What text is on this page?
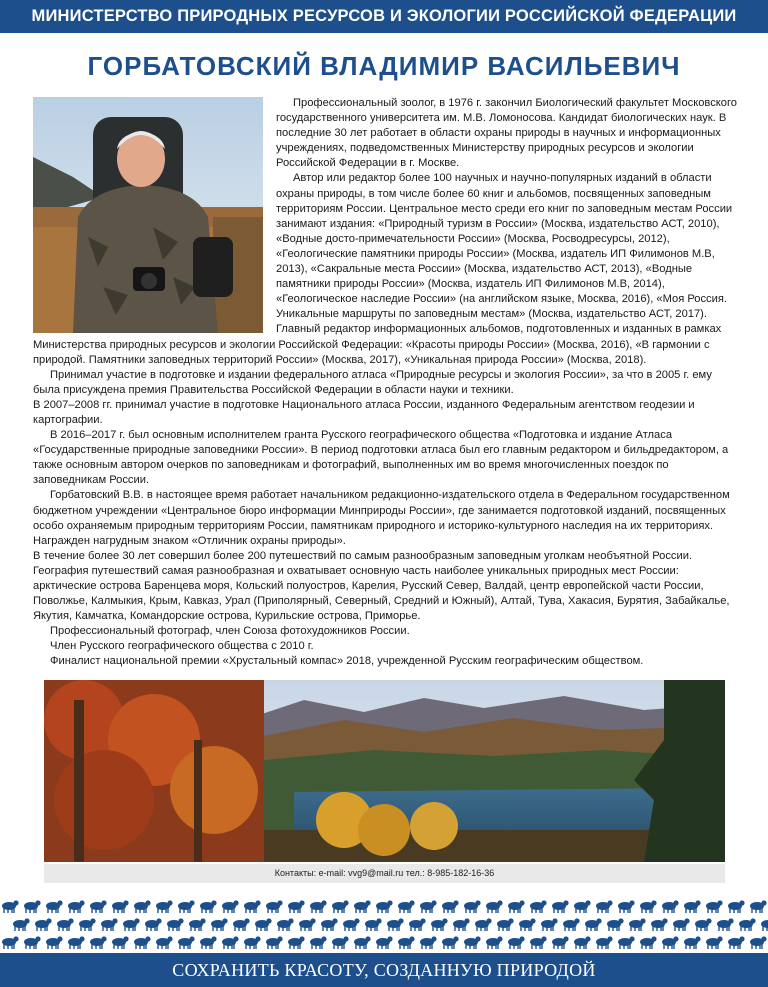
МИНИСТЕРСТВО ПРИРОДНЫХ РЕСУРСОВ И ЭКОЛОГИИ РОССИЙСКОЙ ФЕДЕРАЦИИ
ГОРБАТОВСКИЙ ВЛАДИМИР ВАСИЛЬЕВИЧ

Профессиональный зоолог, в 1976 г. закончил Биологический факультет Московского государственного университета им. М.В. Ломоносова. Кандидат биологических наук. В последние 30 лет работает в области охраны природы в научных и информационных учреждениях, подведомственных Министерству природных ресурсов и экологии Российской Федерации в г. Москве.

Автор или редактор более 100 научных и научно-популярных изданий в области охраны природы, в том числе более 60 книг и альбомов, посвященных заповедным территориям России. Центральное место среди его книг по заповедным местам России занимают издания: «Природный туризм в России» (Москва, издательство АСТ, 2010), «Водные досто-примечательности России» (Москва, Росводресурсы, 2012), «Геологические памятники природы России» (Москва, издатель ИП Филимонов М.В, 2013), «Сакральные места России» (Москва, издательство АСТ, 2013), «Водные памятники природы России» (Москва, издатель ИП Филимонов М.В, 2014), «Геологическое наследие России» (на английском языке, Москва, 2016), «Моя Россия. Уникальные маршруты по заповедным местам» (Москва, издательство АСТ, 2017). Главный редактор информационных альбомов, подготовленных и изданных в рамках Министерства природных ресурсов и экологии Российской Федерации: «Красоты природы России» (Москва, 2016), «В гармонии с природой. Памятники заповедных территорий России» (Москва, 2017), «Уникальная природа России» (Москва, 2018).

Принимал участие в подготовке и издании федерального атласа «Природные ресурсы и экология России», за что в 2005 г. ему была присуждена премия Правительства Российской Федерации в области науки и техники.

В 2007–2008 гг. принимал участие в подготовке Национального атласа России, изданного Федеральным агентством геодезии и картографии.

В 2016–2017 г. был основным исполнителем гранта Русского географического общества «Подготовка и издание Атласа «Государственные природные заповедники России». В период подготовки атласа был его главным редактором и бильдредактором, а также основным автором очерков по заповедникам и фотографий, выполненных им во время многочисленных поездок по заповедникам России.

Горбатовский В.В. в настоящее время работает начальником редакционно-издательского отдела в Федеральном государственном бюджетном учреждении «Центральное бюро информации Минприроды России», где занимается подготовкой изданий, посвященных особо охраняемым природным территориям России, памятникам природного и историко-культурного наследия на их территориях. Награжден нагрудным знаком «Отличник охраны природы».

В течение более 30 лет совершил более 200 путешествий по самым разнообразным заповедным уголкам необъятной России. География путешествий самая разнообразная и охватывает основную часть наиболее уникальных природных мест России: арктические острова Баренцева моря, Кольский полуостров, Карелия, Русский Север, Валдай, центр европейской части России, Поволжье, Калмыкия, Крым, Кавказ, Урал (Приполярный, Северный, Средний и Южный), Алтай, Тува, Хакасия, Бурятия, Забайкалье, Якутия, Камчатка, Командорские острова, Курильские острова, Приморье.

Профессиональный фотограф, член Союза фотохудожников России.

Член Русского географического общества с 2010 г.

Финалист национальной премии «Хрустальный компас» 2018, учрежденной Русским географическим обществом.

Контакты: e-mail: vvg9@mail.ru тел.: 8-985-182-16-36
СОХРАНИТЬ КРАСОТУ, СОЗДАННУЮ ПРИРОДОЙ
